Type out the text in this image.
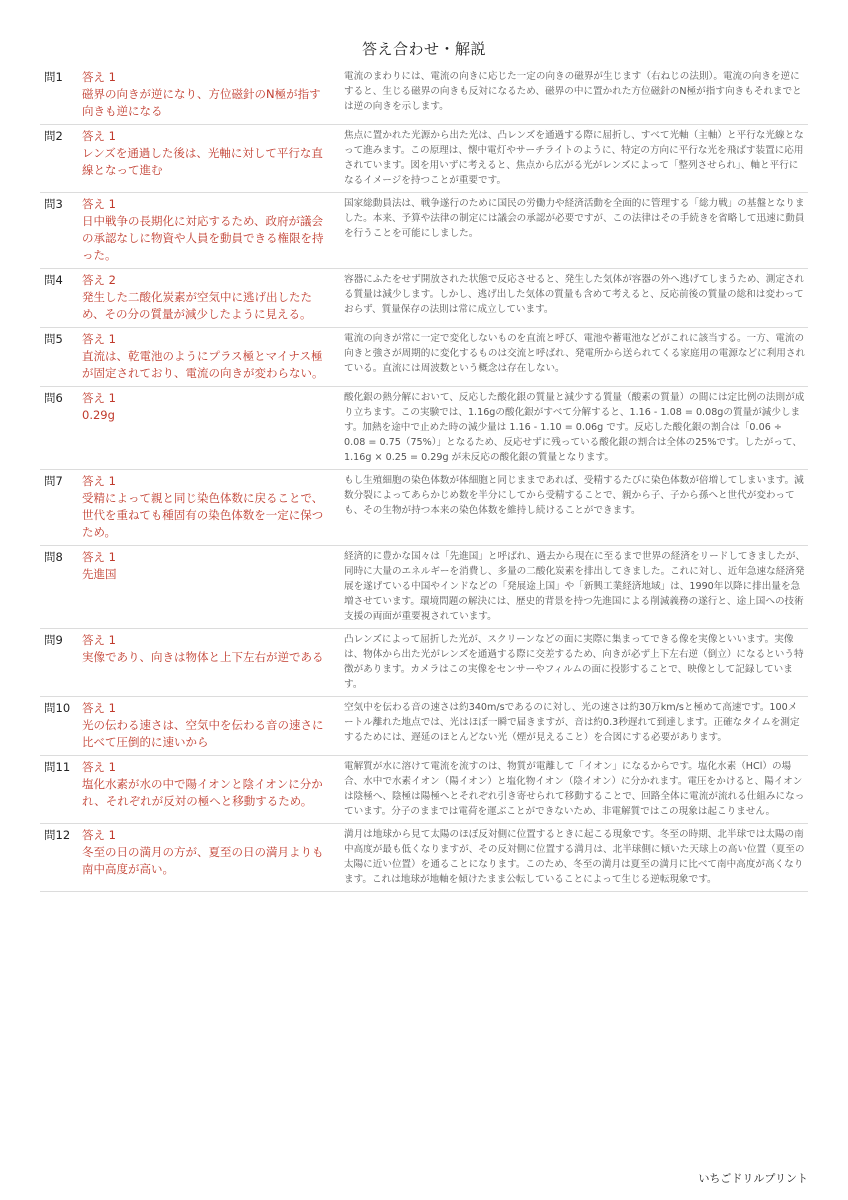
答え合わせ・解説
問1	答え 1
磁界の向きが逆になり、方位磁針のN極が指す向きも逆になる
電流のまわりには、電流の向きに応じた一定の向きの磁界が生じます（右ねじの法則）。電流の向きを逆にすると、生じる磁界の向きも反対になるため、磁界の中に置かれた方位磁針のN極が指す向きもそれまでとは逆の向きを示します。
問2	答え 1
レンズを通過した後は、光軸に対して平行な直線となって進む
焦点に置かれた光源から出た光は、凸レンズを通過する際に屈折し、すべて光軸（主軸）と平行な光線となって進みます。この原理は、懐中電灯やサーチライトのように、特定の方向に平行な光を飛ばす装置に応用されています。図を用いずに考えると、焦点から広がる光がレンズによって「整列させられ」、軸と平行になるイメージを持つことが重要です。
問3	答え 1
日中戦争の長期化に対応するため、政府が議会の承認なしに物資や人員を動員できる権限を持った。
国家総動員法は、戦争遂行のために国民の労働力や経済活動を全面的に管理する「総力戦」の基盤となりました。本来、予算や法律の制定には議会の承認が必要ですが、この法律はその手続きを省略して迅速に動員を行うことを可能にしました。
問4	答え 2
発生した二酸化炭素が空気中に逃げ出したため、その分の質量が減少したように見える。
容器にふたをせず開放された状態で反応させると、発生した気体が容器の外へ逃げてしまうため、測定される質量は減少します。しかし、逃げ出した気体の質量も含めて考えると、反応前後の質量の総和は変わっておらず、質量保存の法則は常に成立しています。
問5	答え 1
直流は、乾電池のようにプラス極とマイナス極が固定されており、電流の向きが変わらない。
電流の向きが常に一定で変化しないものを直流と呼び、電池や蓄電池などがこれに該当する。一方、電流の向きと強さが周期的に変化するものは交流と呼ばれ、発電所から送られてくる家庭用の電源などに利用されている。直流には周波数という概念は存在しない。
問6	答え 1
0.29g
酸化銀の熱分解において、反応した酸化銀の質量と減少する質量（酸素の質量）の間には定比例の法則が成り立ちます。この実験では、1.16gの酸化銀がすべて分解すると、1.16 - 1.08 = 0.08gの質量が減少します。加熱を途中で止めた時の減少量は 1.16 - 1.10 = 0.06g です。反応した酸化銀の割合は「0.06 ÷ 0.08 = 0.75（75%）」となるため、反応せずに残っている酸化銀の割合は全体の25%です。したがって、1.16g × 0.25 = 0.29g が未反応の酸化銀の質量となります。
問7	答え 1
受精によって親と同じ染色体数に戻ることで、世代を重ねても種固有の染色体数を一定に保つため。
もし生殖細胞の染色体数が体細胞と同じままであれば、受精するたびに染色体数が倍増してしまいます。減数分裂によってあらかじめ数を半分にしてから受精することで、親から子、子から孫へと世代が変わっても、その生物が持つ本来の染色体数を維持し続けることができます。
問8	答え 1
先進国
経済的に豊かな国々は「先進国」と呼ばれ、過去から現在に至るまで世界の経済をリードしてきましたが、同時に大量のエネルギーを消費し、多量の二酸化炭素を排出してきました。これに対し、近年急速な経済発展を遂げている中国やインドなどの「発展途上国」や「新興工業経済地域」は、1990年以降に排出量を急増させています。環境問題の解決には、歴史的背景を持つ先進国による削減義務の遂行と、途上国への技術支援の両面が重要視されています。
問9	答え 1
実像であり、向きは物体と上下左右が逆である
凸レンズによって屈折した光が、スクリーンなどの面に実際に集まってできる像を実像といいます。実像は、物体から出た光がレンズを通過する際に交差するため、向きが必ず上下左右逆（倒立）になるという特徴があります。カメラはこの実像をセンサーやフィルムの面に投影することで、映像として記録しています。
問10	答え 1
光の伝わる速さは、空気中を伝わる音の速さに比べて圧倒的に速いから
空気中を伝わる音の速さは約340m/sであるのに対し、光の速さは約30万km/sと極めて高速です。100メートル離れた地点では、光はほぼ一瞬で届きますが、音は約0.3秒遅れて到達します。正確なタイムを測定するためには、遅延のほとんどない光（煙が見えること）を合図にする必要があります。
問11	答え 1
塩化水素が水の中で陽イオンと陰イオンに分かれ、それぞれが反対の極へと移動するため。
電解質が水に溶けて電流を流すのは、物質が電離して「イオン」になるからです。塩化水素（HCl）の場合、水中で水素イオン（陽イオン）と塩化物イオン（陰イオン）に分かれます。電圧をかけると、陽イオンは陰極へ、陰極は陽極へとそれぞれ引き寄せられて移動することで、回路全体に電流が流れる仕組みになっています。分子のままでは電荷を運ぶことができないため、非電解質ではこの現象は起こりません。
問12	答え 1
冬至の日の満月の方が、夏至の日の満月よりも南中高度が高い。
満月は地球から見て太陽のほぼ反対側に位置するときに起こる現象です。冬至の時期、北半球では太陽の南中高度が最も低くなりますが、その反対側に位置する満月は、北半球側に傾いた天球上の高い位置（夏至の太陽に近い位置）を通ることになります。このため、冬至の満月は夏至の満月に比べて南中高度が高くなります。これは地球が地軸を傾けたまま公転していることによって生じる逆転現象です。
いちごドリルプリント
